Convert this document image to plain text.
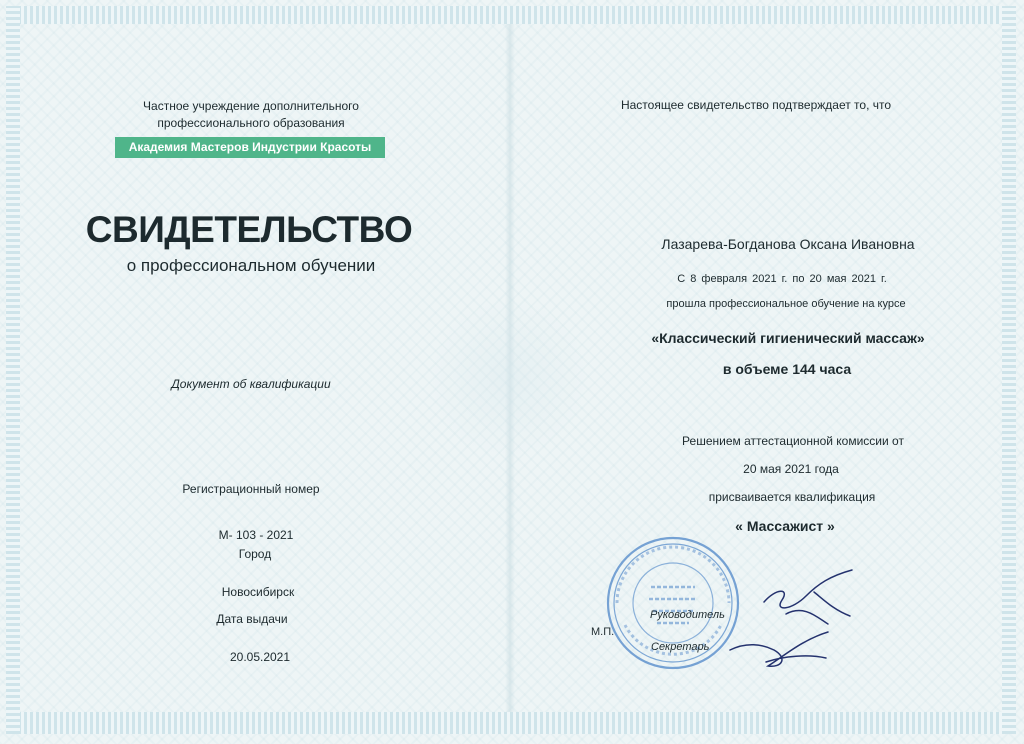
Частное учреждение дополнительного
профессионального образования
Академия Мастеров Индустрии Красоты
СВИДЕТЕЛЬСТВО
о профессиональном обучении
Документ об квалификации
Регистрационный номер
М- 103 - 2021
Город
Новосибирск
Дата выдачи
20.05.2021
Настоящее свидетельство подтверждает то, что
Лазарева-Богданова Оксана Ивановна
С 8 февраля 2021 г. по 20 мая 2021 г.
прошла профессиональное обучение на курсе
«Классический гигиенический массаж»
в объеме 144 часа
Решением аттестационной комиссии от
20 мая 2021 года
присваивается квалификация
« Массажист »
М.П.
Руководитель
Секретарь
